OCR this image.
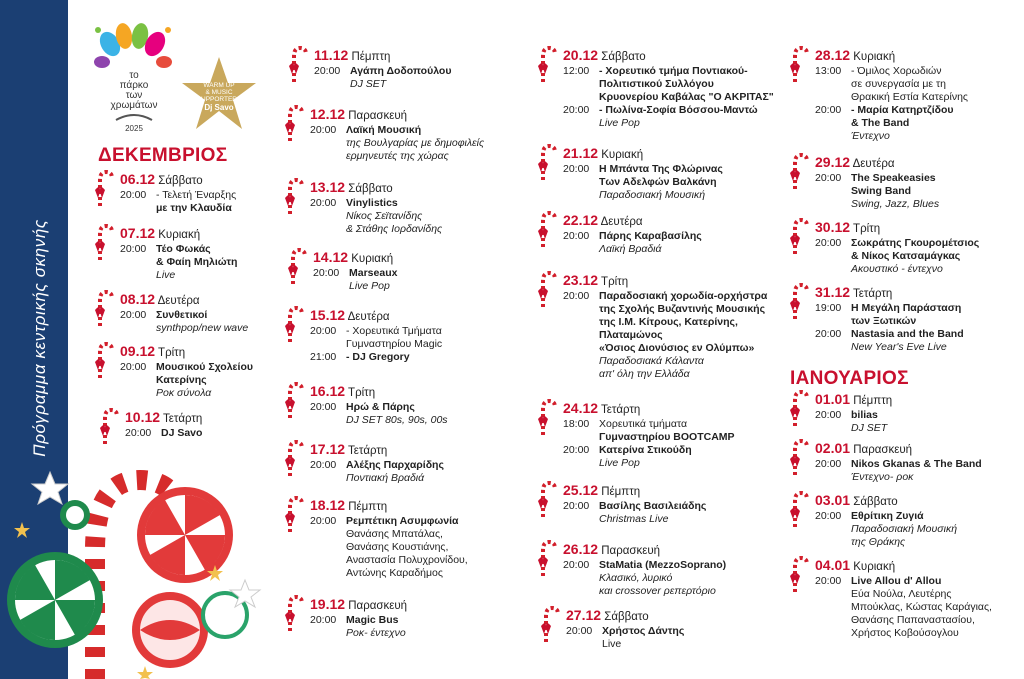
Πρόγραμμα κεντρικής σκηνής
το
πάρκο
των
χρωμάτων
2025
WARM UP
& MUSIC
UPPORTER
Dj Savo
ΔΕΚΕΜΒΡΙΟΣ
ΙΑΝΟΥΑΡΙΟΣ
06.12 Σάββατο
20:00 - Τελετή Έναρξης
με την Κλαυδία
07.12 Κυριακή
20:00 Τέο Φωκάς
& Φαίη Μηλιώτη
Live
08.12 Δευτέρα
20:00 Συνθετικοί
synthpop/new wave
09.12 Τρίτη
20:00 Μουσικού Σχολείου
Κατερίνης
Ροκ σύνολα
10.12 Τετάρτη
20:00 DJ Savo
11.12 Πέμπτη
20:00 Αγάπη Δοδοπούλου
DJ SET
12.12 Παρασκευή
20:00 Λαϊκή Μουσική
της Βουλγαρίας με δημοφιλείς
ερμηνευτές της χώρας
13.12 Σάββατο
20:00 Vinylistics
Νίκος Σεϊτανίδης
& Στάθης Ιορδανίδης
14.12 Κυριακή
20:00 Marseaux
Live Pop
15.12 Δευτέρα
20:00 - Χορευτικά Τμήματα
Γυμναστηρίου Magic
21:00 - DJ Gregory
16.12 Τρίτη
20:00 Ηρώ & Πάρης
DJ SET 80s, 90s, 00s
17.12 Τετάρτη
20:00 Αλέξης Παρχαρίδης
Ποντιακή Βραδιά
18.12 Πέμπτη
20:00 Ρεμπέτικη Ασυμφωνία
Θανάσης Μπατάλας,
Θανάσης Κουστιάνης,
Αναστασία Πολυχρονίδου,
Αντώνης Καραδήμος
19.12 Παρασκευή
20:00 Magic Bus
Ροκ- έντεχνο
20.12 Σάββατο
12:00 - Χορευτικό τμήμα Ποντιακού-
Πολιτιστικού Συλλόγου
Κρυονερίου Καβάλας "Ο ΑΚΡΙΤΑΣ"
20:00 - Πωλίνα-Σοφία Βόσσου-Μαντώ
Live Pop
21.12 Κυριακή
20:00 Η Μπάντα Της Φλώρινας
Των Αδελφών Βαλκάνη
Παραδοσιακή Μουσική
22.12 Δευτέρα
20:00 Πάρης Καραβασίλης
Λαϊκή Βραδιά
23.12 Τρίτη
20:00 Παραδοσιακή χορωδία-ορχήστρα
της Σχολής Βυζαντινής Μουσικής
της Ι.Μ. Κίτρους, Κατερίνης,
Πλαταμώνος
«Όσιος Διονύσιος εν Ολύμπω»
Παραδοσιακά Κάλαντα
απ' όλη την Ελλάδα
24.12 Τετάρτη
18:00 Χορευτικά τμήματα
Γυμναστηρίου BOOTCAMP
20:00 Κατερίνα Στικούδη
Live Pop
25.12 Πέμπτη
20:00 Βασίλης Βασιλειάδης
Christmas Live
26.12 Παρασκευή
20:00 StaMatia (MezzoSoprano)
Κλασικό, λυρικό
και crossover ρεπερτόριο
27.12 Σάββατο
20:00 Χρήστος Δάντης
Live
28.12 Κυριακή
13:00 - Όμιλος Χορωδιών
σε συνεργασία με τη
Θρακική Εστία Κατερίνης
20:00 - Μαρία Κατηρτζίδου
& The Band
Έντεχνο
29.12 Δευτέρα
20:00 The Speakeasies
Swing Band
Swing, Jazz, Blues
30.12 Τρίτη
20:00 Σωκράτης Γκουρομέτσιος
& Νίκος Κατσαμάγκας
Ακουστικό - έντεχνο
31.12 Τετάρτη
19:00 Η Μεγάλη Παράσταση
των Ξωτικών
20:00 Nastasia and the Band
New Year's Eve Live
01.01 Πέμπτη
20:00 bilias
DJ SET
02.01 Παρασκευή
20:00 Nikos Gkanas & The Band
Έντεχνο- ροκ
03.01 Σάββατο
20:00 Εθρίτικη Ζυγιά
Παραδοσιακή Μουσική
της Θράκης
04.01 Κυριακή
20:00 Live Allou d' Allou
Εύα Νούλα, Λευτέρης
Μπούκλας, Κώστας Καράγιας,
Θανάσης Παπαναστασίου,
Χρήστος Κοβούσογλου
